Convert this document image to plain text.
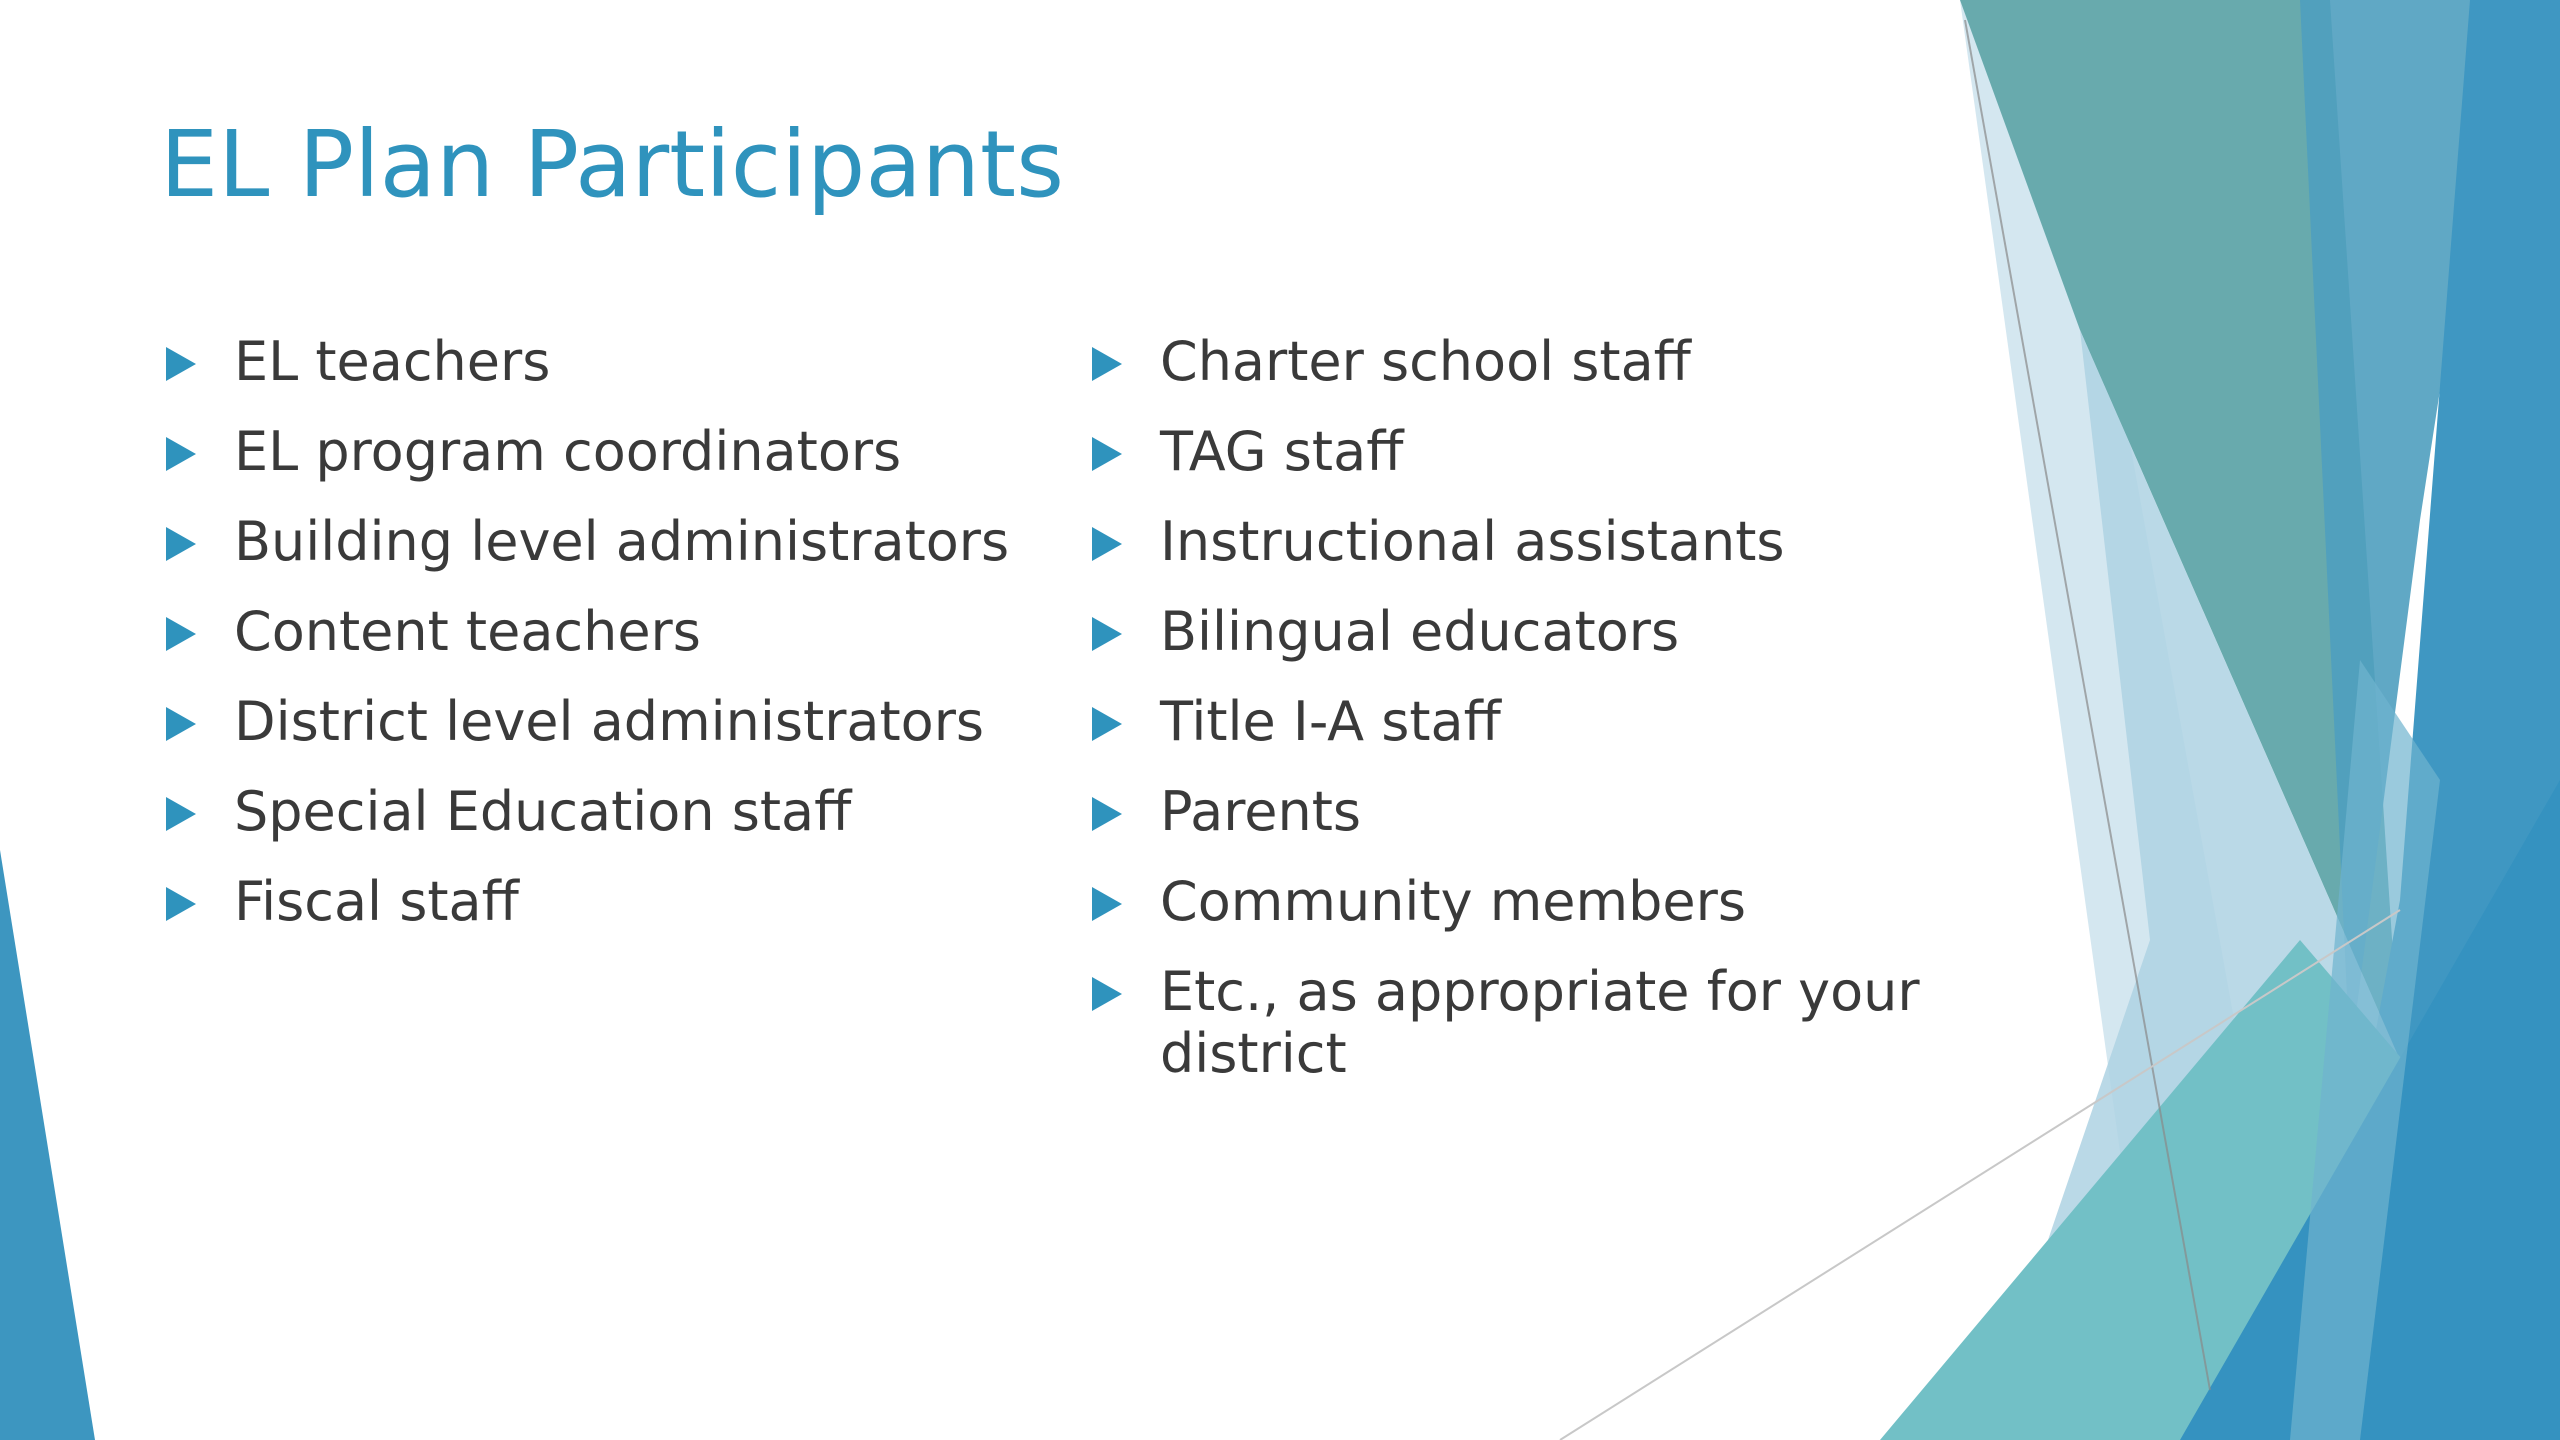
EL Plan Participants
EL teachers
EL program coordinators
Building level administrators
Content teachers
District level administrators
Special Education staff
Fiscal staff
Charter school staff
TAG staff
Instructional assistants
Bilingual educators
Title I-A staff
Parents
Community members
Etc., as appropriate for your district
